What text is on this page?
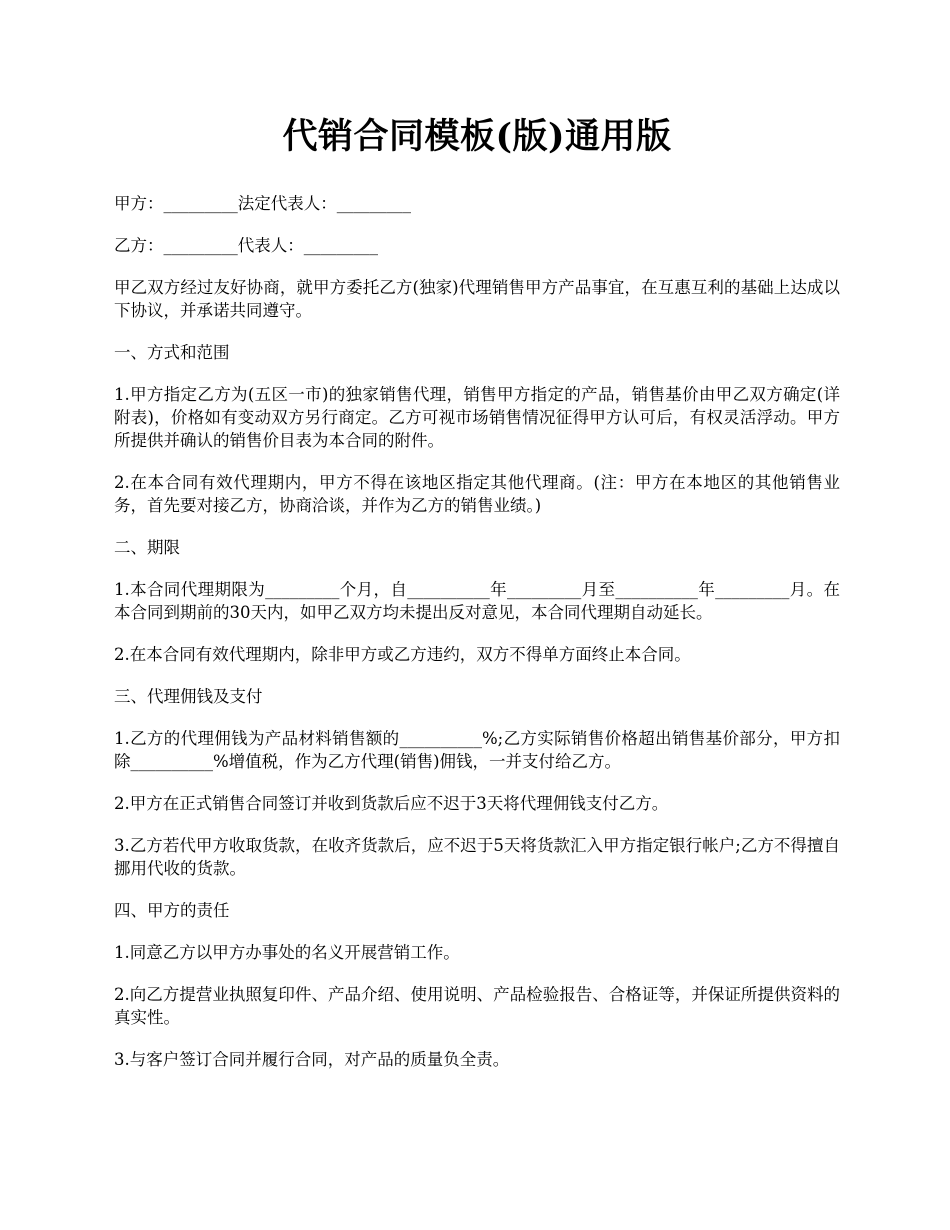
代销合同模板(版)通用版

甲方：_________法定代表人：_________

乙方：_________代表人：_________

甲乙双方经过友好协商，就甲方委托乙方(独家)代理销售甲方产品事宜，在互惠互利的基础上达成以下协议，并承诺共同遵守。

一、方式和范围

1.甲方指定乙方为(五区一市)的独家销售代理，销售甲方指定的产品，销售基价由甲乙双方确定(详附表)，价格如有变动双方另行商定。乙方可视市场销售情况征得甲方认可后，有权灵活浮动。甲方所提供并确认的销售价目表为本合同的附件。

2.在本合同有效代理期内，甲方不得在该地区指定其他代理商。(注：甲方在本地区的其他销售业务，首先要对接乙方，协商洽谈，并作为乙方的销售业绩。)

二、期限

1.本合同代理期限为_________个月，自__________年_________月至__________年_________月。在本合同到期前的30天内，如甲乙双方均未提出反对意见，本合同代理期自动延长。

2.在本合同有效代理期内，除非甲方或乙方违约，双方不得单方面终止本合同。

三、代理佣钱及支付

1.乙方的代理佣钱为产品材料销售额的__________%;乙方实际销售价格超出销售基价部分，甲方扣除__________%增值税，作为乙方代理(销售)佣钱，一并支付给乙方。

2.甲方在正式销售合同签订并收到货款后应不迟于3天将代理佣钱支付乙方。

3.乙方若代甲方收取货款，在收齐货款后，应不迟于5天将货款汇入甲方指定银行帐户;乙方不得擅自挪用代收的货款。

四、甲方的责任

1.同意乙方以甲方办事处的名义开展营销工作。

2.向乙方提营业执照复印件、产品介绍、使用说明、产品检验报告、合格证等，并保证所提供资料的真实性。

3.与客户签订合同并履行合同，对产品的质量负全责。
